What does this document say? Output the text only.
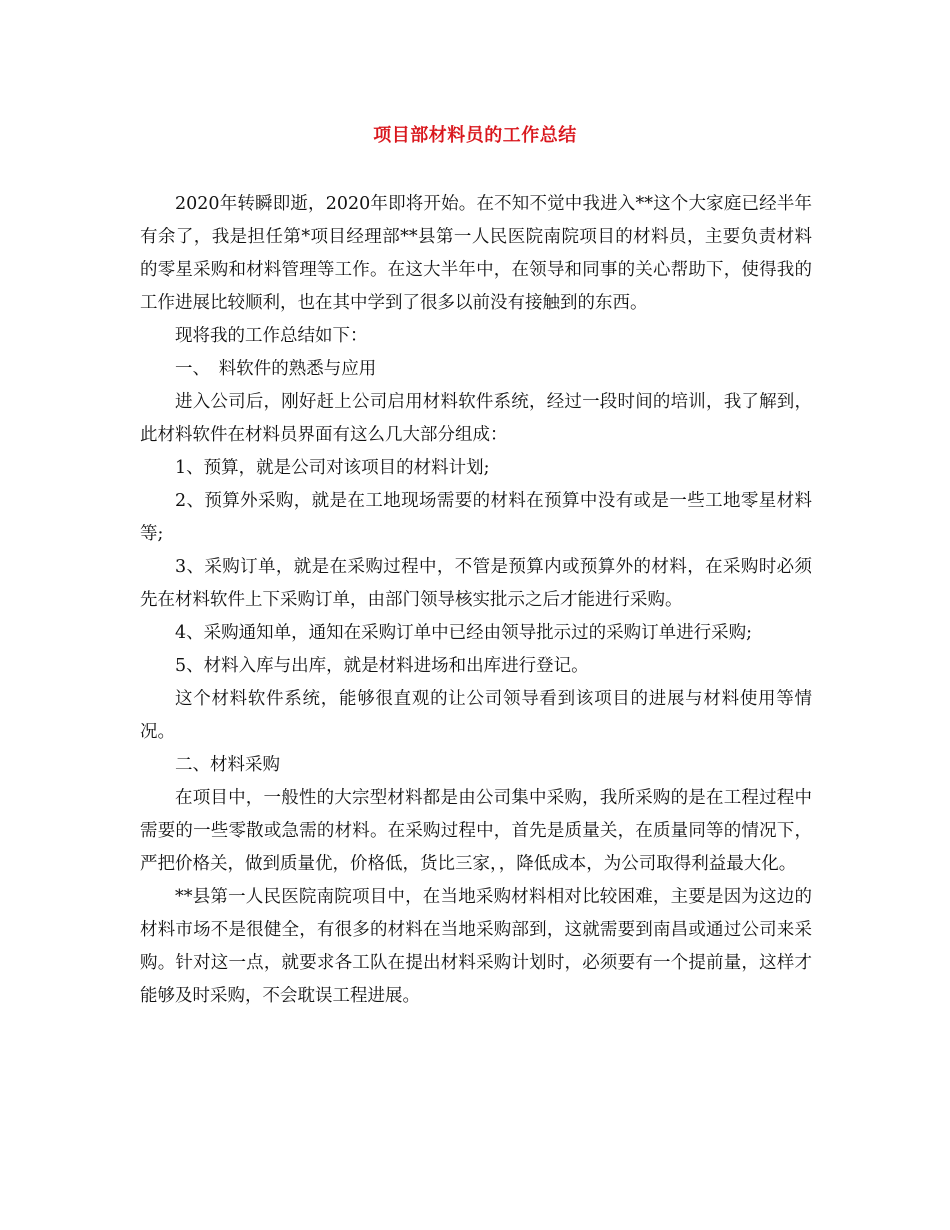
项目部材料员的工作总结

2020年转瞬即逝，2020年即将开始。在不知不觉中我进入**这个大家庭已经半年有余了，我是担任第*项目经理部**县第一人民医院南院项目的材料员，主要负责材料的零星采购和材料管理等工作。在这大半年中，在领导和同事的关心帮助下，使得我的工作进展比较顺利，也在其中学到了很多以前没有接触到的东西。

现将我的工作总结如下：

一、　料软件的熟悉与应用

进入公司后，刚好赶上公司启用材料软件系统，经过一段时间的培训，我了解到，此材料软件在材料员界面有这么几大部分组成：

1、预算，就是公司对该项目的材料计划;

2、预算外采购，就是在工地现场需要的材料在预算中没有或是一些工地零星材料等;

3、采购订单，就是在采购过程中，不管是预算内或预算外的材料，在采购时必须先在材料软件上下采购订单，由部门领导核实批示之后才能进行采购。

4、采购通知单，通知在采购订单中已经由领导批示过的采购订单进行采购;

5、材料入库与出库，就是材料进场和出库进行登记。

这个材料软件系统，能够很直观的让公司领导看到该项目的进展与材料使用等情况。

二、材料采购

在项目中，一般性的大宗型材料都是由公司集中采购，我所采购的是在工程过程中需要的一些零散或急需的材料。在采购过程中，首先是质量关，在质量同等的情况下，严把价格关，做到质量优，价格低，货比三家，，降低成本，为公司取得利益最大化。

**县第一人民医院南院项目中，在当地采购材料相对比较困难，主要是因为这边的材料市场不是很健全，有很多的材料在当地采购部到，这就需要到南昌或通过公司来采购。针对这一点，就要求各工队在提出材料采购计划时，必须要有一个提前量，这样才能够及时采购，不会耽误工程进展。
